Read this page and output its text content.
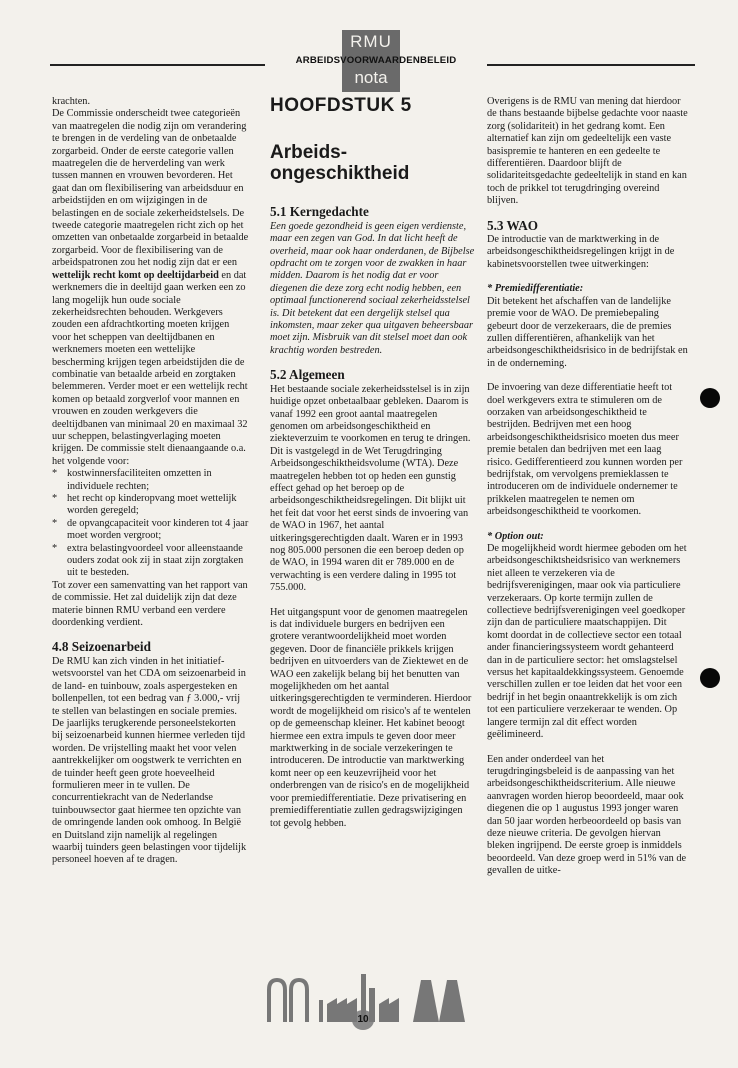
RMU
nota
ARBEIDSVOORWAARDENBELEID

krachten.
De Commissie onderscheidt twee categorieën van maatregelen die nodig zijn om verandering te brengen in de verdeling van de onbetaalde zorgarbeid. Onder de eerste categorie vallen maatregelen die de herverdeling van werk tussen mannen en vrouwen bevorderen. Het gaat dan om flexibilisering van arbeidsduur en arbeidstijden en om wijzigingen in de belastingen en de sociale zekerheidstelsels. De tweede categorie maatregelen richt zich op het omzetten van onbetaalde zorgarbeid in betaalde zorgarbeid. Voor de flexibilisering van de arbeidspatronen zou het nodig zijn dat er een wettelijk recht komt op deeltijdarbeid en dat werknemers die in deeltijd gaan werken een zo lang mogelijk hun oude sociale zekerheidsrechten behouden. Werkgevers zouden een afdrachtkorting moeten krijgen voor het scheppen van deeltijdbanen en werknemers moeten een wettelijke bescherming krijgen tegen arbeidstijden die de combinatie van betaalde arbeid en zorgtaken belemmeren. Verder moet er een wettelijk recht komen op betaald zorgverlof voor mannen en vrouwen en zouden werkgevers die deeltijdbanen van minimaal 20 en maximaal 32 uur scheppen, belastingverlaging moeten krijgen. De commissie stelt dienaangaande o.a. het volgende voor:

* kostwinnersfaciliteiten omzetten in individuele rechten;
* het recht op kinderopvang moet wettelijk worden geregeld;
* de opvangcapaciteit voor kinderen tot 4 jaar moet worden vergroot;
* extra belastingvoordeel voor alleenstaande ouders zodat ook zij in staat zijn zorgtaken uit te besteden.

Tot zover een samenvatting van het rapport van de commissie. Het zal duidelijk zijn dat deze materie binnen RMU verband een verdere doordenking verdient.

4.8 Seizoenarbeid

De RMU kan zich vinden in het initiatief-wetsvoorstel van het CDA om seizoenarbeid in de land- en tuinbouw, zoals aspergesteken en bollenpellen, tot een bedrag van ƒ 3.000,- vrij te stellen van belastingen en sociale premies. De jaarlijks terugkerende personeelstekorten bij seizoenarbeid kunnen hiermee verleden tijd worden. De vrijstelling maakt het voor velen aantrekkelijker om oogstwerk te verrichten en de tuinder heeft geen grote hoeveelheid formulieren meer in te vullen. De concurrentiekracht van de Nederlandse tuinbouwsector gaat hiermee ten opzichte van de omringende landen ook omhoog. In België en Duitsland zijn namelijk al regelingen waarbij tuinders geen belastingen voor tijdelijk personeel hoeven af te dragen.

HOOFDSTUK 5
Arbeids-
ongeschiktheid
5.1 Kerngedachte

Een goede gezondheid is geen eigen verdienste, maar een zegen van God. In dat licht heeft de overheid, maar ook haar onderdanen, de Bijbelse opdracht om te zorgen voor de zwakken in haar midden. Daarom is het nodig dat er voor diegenen die deze zorg echt nodig hebben, een optimaal functionerend sociaal zekerheidsstelsel is. Dit betekent dat een dergelijk stelsel qua inkomsten, maar zeker qua uitgaven beheersbaar moet zijn. Misbruik van dit stelsel moet dan ook krachtig worden bestreden.

5.2 Algemeen

Het bestaande sociale zekerheidsstelsel is in zijn huidige opzet onbetaalbaar gebleken. Daarom is vanaf 1992 een groot aantal maatregelen genomen om arbeidsongeschiktheid en ziekteverzuim te voorkomen en terug te dringen. Dit is vastgelegd in de Wet Terugdringing Arbeidsongeschiktheidsvolume (WTA). Deze maatregelen hebben tot op heden een gunstig effect gehad op het beroep op de arbeidsongeschiktheidsregelingen. Dit blijkt uit het feit dat voor het eerst sinds de invoering van de WAO in 1967, het aantal uitkeringsgerechtigden daalt. Waren er in 1993 nog 805.000 personen die een beroep deden op de WAO, in 1994 waren dit er 789.000 en de verwachting is een verdere daling in 1995 tot 755.000.

Het uitgangspunt voor de genomen maatregelen is dat individuele burgers en bedrijven een grotere verantwoordelijkheid moet worden gegeven. Door de financiële prikkels krijgen bedrijven en uitvoerders van de Ziektewet en de WAO een zakelijk belang bij het benutten van mogelijkheden om het aantal uitkeringsgerechtigden te verminderen. Hierdoor wordt de mogelijkheid om risico's af te wentelen op de gemeenschap kleiner. Het kabinet beoogt hiermee een extra impuls te geven door meer marktwerking in de sociale verzekeringen te introduceren. De introductie van marktwerking komt neer op een keuzevrijheid voor het onderbrengen van de risico's en de mogelijkheid voor premiedifferentiatie. Deze privatisering en premiedifferentiatie zullen gedragswijzigingen tot gevolg hebben.

Overigens is de RMU van mening dat hierdoor de thans bestaande bijbelse gedachte voor naaste zorg (solidariteit) in het gedrang komt. Een alternatief kan zijn om gedeeltelijk een vaste basispremie te hanteren en een gedeelte te differentiëren. Daardoor blijft de solidariteitsgedachte gedeeltelijk in stand en kan toch de prikkel tot terugdringing overeind blijven.

5.3 WAO

De introductie van de marktwerking in de arbeidsongeschiktheidsregelingen krijgt in de kabinetsvoorstellen twee uitwerkingen:

* Premiedifferentiatie:

Dit betekent het afschaffen van de landelijke premie voor de WAO. De premiebepaling gebeurt door de verzekeraars, die de premies zullen differentiëren, afhankelijk van het arbeidsongeschiktheidsrisico in de bedrijfstak en in de onderneming.

De invoering van deze differentiatie heeft tot doel werkgevers extra te stimuleren om de oorzaken van arbeidsongeschiktheid te bestrijden. Bedrijven met een hoog arbeidsongeschiktheidsrisico moeten dus meer premie betalen dan bedrijven met een laag risico. Gedifferentieerd zou kunnen worden per bedrijfstak, om vervolgens premieklassen te introduceren om de individuele ondernemer te prikkelen maatregelen te nemen om arbeidsongeschiktheid te voorkomen.

* Option out:

De mogelijkheid wordt hiermee geboden om het arbeidsongeschiktsheidsrisico van werknemers niet alleen te verzekeren via de bedrijfsverenigingen, maar ook via particuliere verzekeraars. Op korte termijn zullen de collectieve bedrijfsverenigingen veel goedkoper zijn dan de particuliere maatschappijen. Dit komt doordat in de collectieve sector een totaal ander financieringssysteem wordt gehanteerd dan in de particuliere sector: het omslagstelsel versus het kapitaaldekkingssysteem. Genoemde verschillen zullen er toe leiden dat het voor een bedrijf in het begin onaantrekkelijk is om zich tot een particuliere verzekeraar te wenden. Op langere termijn zal dit effect worden geëlimineerd.

Een ander onderdeel van het terugdringingsbeleid is de aanpassing van het arbeidsongeschiktheidscriterium. Alle nieuwe aanvragen worden hierop beoordeeld, maar ook diegenen die op 1 augustus 1993 jonger waren dan 50 jaar worden herbeoordeeld op basis van deze nieuwe criteria. De gevolgen hiervan bleken ingrijpend. De eerste groep is inmiddels beoordeeld. Van deze groep werd in 51% van de gevallen de uitke-

10
